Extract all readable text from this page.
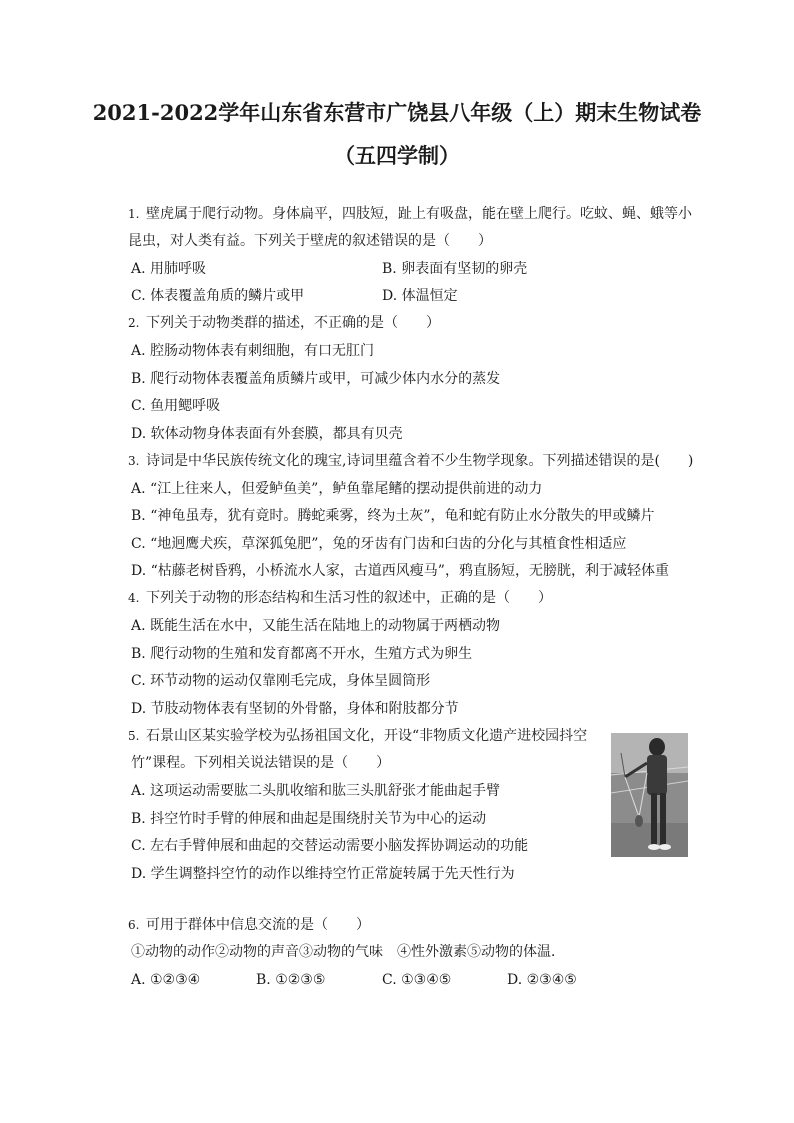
2021-2022学年山东省东营市广饶县八年级（上）期末生物试卷
（五四学制）
1. 壁虎属于爬行动物。身体扁平，四肢短，趾上有吸盘，能在壁上爬行。吃蚊、蝇、蛾等小
昆虫，对人类有益。下列关于壁虎的叙述错误的是（　　）
A. 用肺呼吸	B. 卵表面有坚韧的卵壳
C. 体表覆盖角质的鳞片或甲	D. 体温恒定
2. 下列关于动物类群的描述，不正确的是（　　）
A. 腔肠动物体表有刺细胞，有口无肛门
B. 爬行动物体表覆盖角质鳞片或甲，可减少体内水分的蒸发
C. 鱼用鳃呼吸
D. 软体动物身体表面有外套膜，都具有贝壳
3. 诗词是中华民族传统文化的瑰宝,诗词里蕴含着不少生物学现象。下列描述错误的是(　　)
A. “江上往来人，但爱鲈鱼美”，鲈鱼靠尾鳍的摆动提供前进的动力
B. “神龟虽寿，犹有竟时。腾蛇乘雾，终为土灰”，龟和蛇有防止水分散失的甲或鳞片
C. “地迥鹰犬疾，草深狐兔肥”，兔的牙齿有门齿和臼齿的分化与其植食性相适应
D. “枯藤老树昏鸦，小桥流水人家，古道西风瘦马”，鸦直肠短，无膀胱，利于减轻体重
4. 下列关于动物的形态结构和生活习性的叙述中，正确的是（　　）
A. 既能生活在水中，又能生活在陆地上的动物属于两栖动物
B. 爬行动物的生殖和发育都离不开水，生殖方式为卵生
C. 环节动物的运动仅靠刚毛完成，身体呈圆筒形
D. 节肢动物体表有坚韧的外骨骼，身体和附肢都分节
5. 石景山区某实验学校为弘扬祖国文化，开设“非物质文化遗产进校园抖空
竹”课程。下列相关说法错误的是（　　）
A. 这项运动需要肱二头肌收缩和肱三头肌舒张才能曲起手臂
B. 抖空竹时手臂的伸展和曲起是围绕肘关节为中心的运动
C. 左右手臂伸展和曲起的交替运动需要小脑发挥协调运动的功能
D. 学生调整抖空竹的动作以维持空竹正常旋转属于先天性行为
6. 可用于群体中信息交流的是（　　）
①动物的动作②动物的声音③动物的气味　④性外激素⑤动物的体温．
A. ①②③④	B. ①②③⑤	C. ①③④⑤	D. ②③④⑤
